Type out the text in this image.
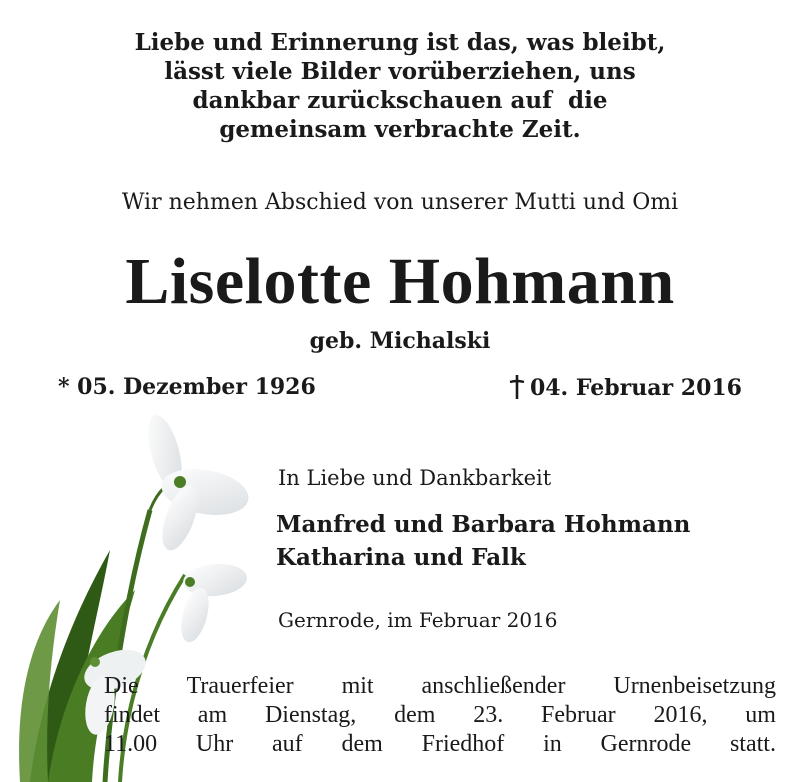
Liebe und Erinnerung ist das, was bleibt,
lässt viele Bilder vorüberziehen, uns
dankbar zurückschauen auf  die
gemeinsam verbrachte Zeit.
Wir nehmen Abschied von unserer Mutti und Omi
Liselotte Hohmann
geb. Michalski
* 05. Dezember 1926	04. Februar 2016
In Liebe und Dankbarkeit
Manfred und Barbara Hohmann
Katharina und Falk
Gernrode, im Februar 2016
Die Trauerfeier mit anschließender Urnenbeisetzung
findet am Dienstag, dem 23. Februar 2016, um
11.00 Uhr auf dem Friedhof in Gernrode statt.
